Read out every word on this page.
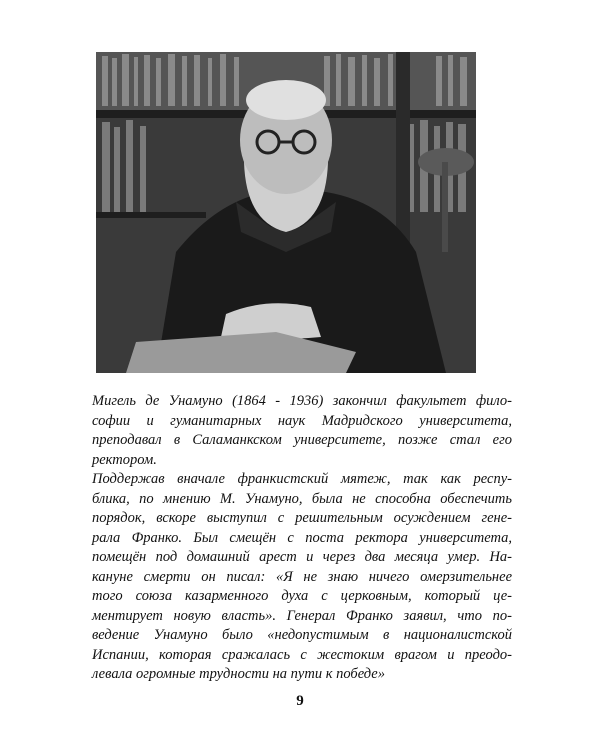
Мигель де Унамуно (1864 - 1936) закончил факультет фило-
софии и гуманитарных наук Мадридского университета,
преподавал в Саламанкском университете, позже стал его
ректором.

Поддержав вначале франкистский мятеж, так как респу-
блика, по мнению М. Унамуно, была не способна обеспечить
порядок, вскоре выступил с решительным осуждением гене-
рала Франко. Был смещён с поста ректора университета,
помещён под домашний арест и через два месяца умер. На-
кануне смерти он писал: «Я не знаю ничего омерзительнее
того союза казарменного духа с церковным, который це-
ментирует новую власть». Генерал Франко заявил, что по-
ведение Унамуно было «недопустимым в националистской
Испании, которая сражалась с жестоким врагом и преодо-
левала огромные трудности на пути к победе»

9
